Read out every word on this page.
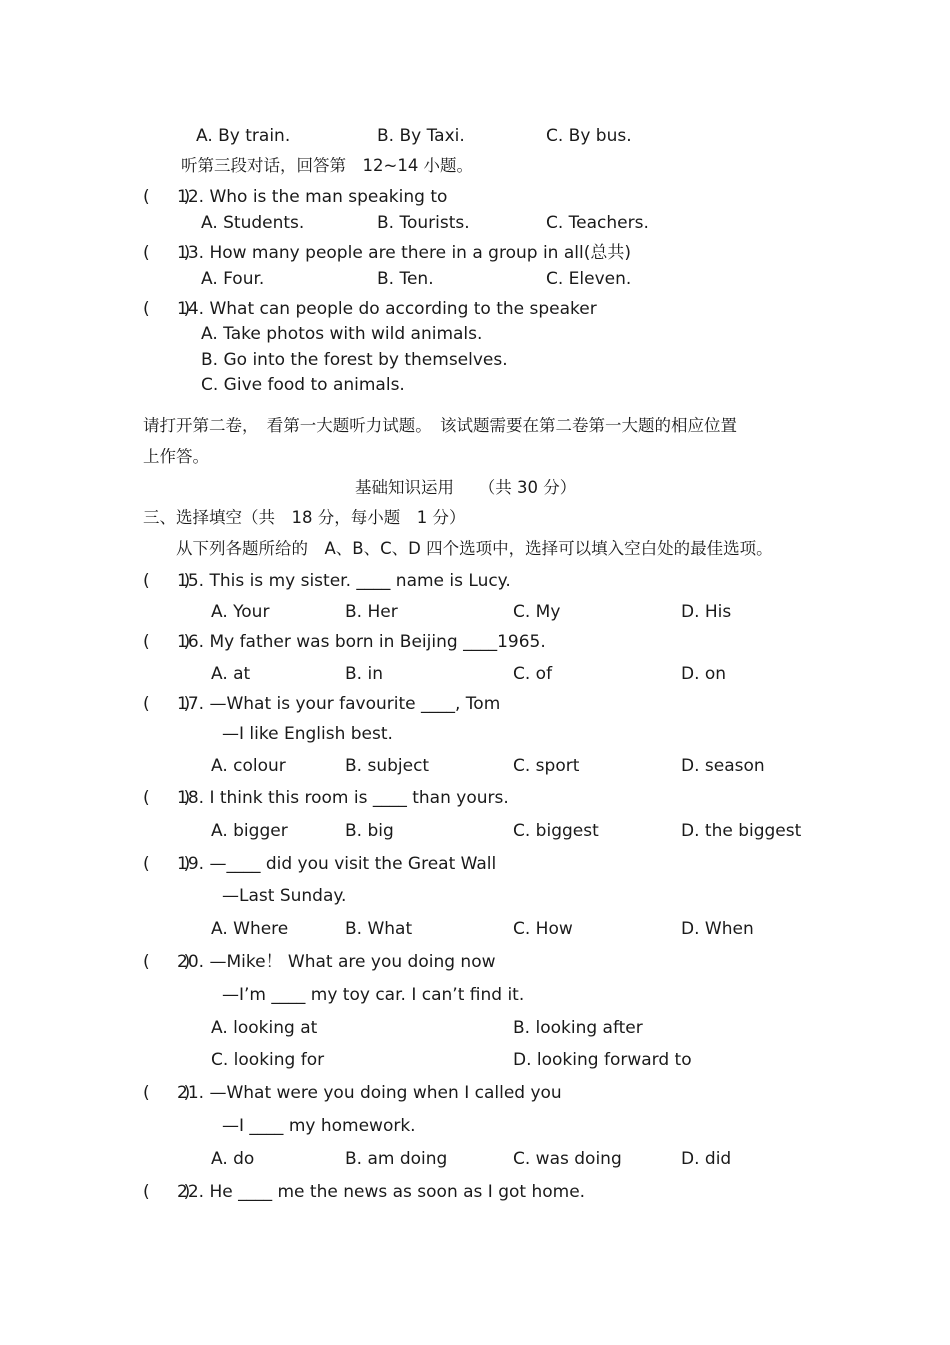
A. By train.	B. By Taxi.	C. By bus.
听第三段对话，回答第　12~14 小题。
(　　)
12. Who is the man speaking to
A. Students.	B. Tourists.	C. Teachers.
(　　)
13. How many people are there in a group in all(总共)
A. Four.	B. Ten.	C. Eleven.
(　　)
14. What can people do according to the speaker
A. Take photos with wild animals.
B. Go into the forest by themselves.
C. Give food to animals.
请打开第二卷，　看第一大题听力试题。　该试题需要在第二卷第一大题的相应位置
上作答。
基础知识运用　　（共 30 分）
三、选择填空（共　18 分，每小题　1 分）
从下列各题所给的　A、B、C、D 四个选项中，选择可以填入空白处的最佳选项。
(　　)
15. This is my sister. ____ name is Lucy.
A. Your	B. Her	C. My	D. His
(　　)
16. My father was born in Beijing ____1965.
A. at	B. in	C. of	D. on
(　　)
17. —What is your favourite ____, Tom
—I like English best.
A. colour	B. subject	C. sport	D. season
(　　)
18. I think this room is ____ than yours.
A. bigger	B. big	C. biggest	D. the biggest
(　　)
19. —____ did you visit the Great Wall
—Last Sunday.
A. Where	B. What	C. How	D. When
(　　)
20. —Mike！ What are you doing now
—I’m ____ my toy car. I can’t find it.
A. looking at	B. looking after
C. looking for	D. looking forward to
(　　)
21. —What were you doing when I called you
—I ____ my homework.
A. do	B. am doing	C. was doing	D. did
(　　)
22. He ____ me the news as soon as I got home.
